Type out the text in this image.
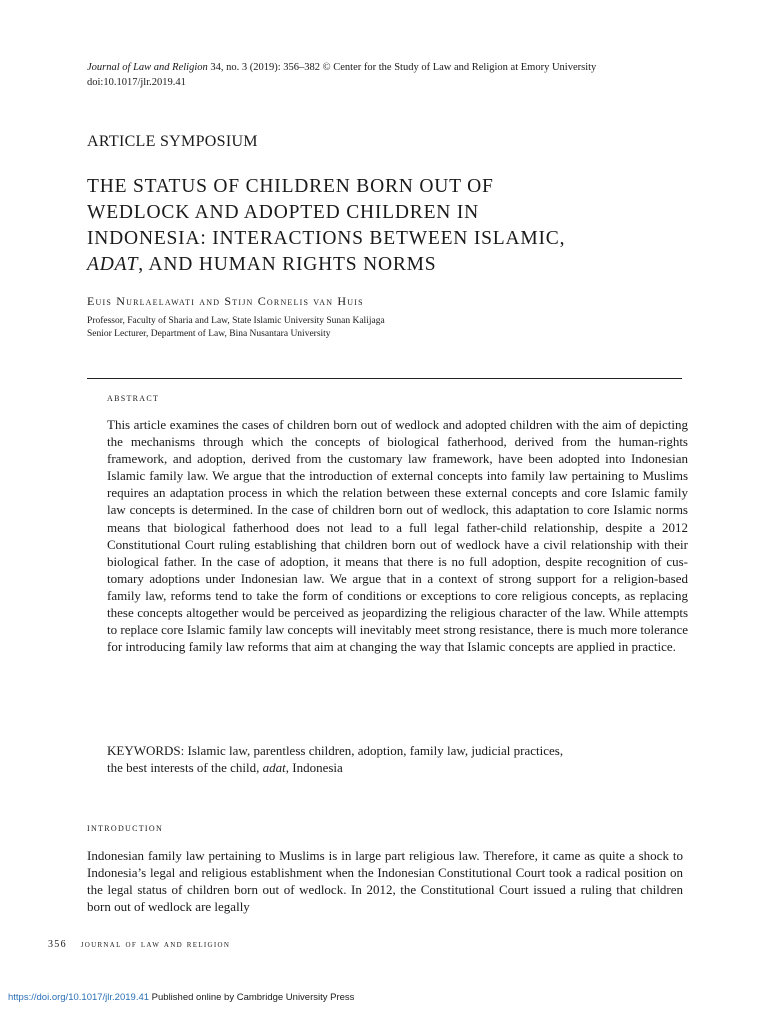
Journal of Law and Religion 34, no. 3 (2019): 356–382 © Center for the Study of Law and Religion at Emory University
doi:10.1017/jlr.2019.41
ARTICLE SYMPOSIUM
THE STATUS OF CHILDREN BORN OUT OF
WEDLOCK AND ADOPTED CHILDREN IN
INDONESIA: INTERACTIONS BETWEEN ISLAMIC,
ADAT, AND HUMAN RIGHTS NORMS
Euis Nurlaelawati and Stijn Cornelis van Huis
Professor, Faculty of Sharia and Law, State Islamic University Sunan Kalijaga
Senior Lecturer, Department of Law, Bina Nusantara University
abstract
This article examines the cases of children born out of wedlock and adopted children with the aim of depicting the mechanisms through which the concepts of biological fatherhood, derived from the human-rights framework, and adoption, derived from the customary law framework, have been adopted into Indonesian Islamic family law. We argue that the introduction of external concepts into family law pertaining to Muslims requires an adaptation process in which the relation between these external concepts and core Islamic family law concepts is determined. In the case of children born out of wedlock, this adaptation to core Islamic norms means that biological fatherhood does not lead to a full legal father-child relationship, despite a 2012 Constitutional Court ruling establishing that children born out of wedlock have a civil relationship with their biological father. In the case of adoption, it means that there is no full adoption, despite recognition of customary adoptions under Indonesian law. We argue that in a context of strong support for a religion-based family law, reforms tend to take the form of conditions or exceptions to core religious concepts, as replacing these concepts altogether would be perceived as jeopardizing the religious character of the law. While attempts to replace core Islamic family law concepts will inevitably meet strong resistance, there is much more tolerance for introducing family law reforms that aim at changing the way that Islamic concepts are applied in practice.
KEYWORDS: Islamic law, parentless children, adoption, family law, judicial practices,
the best interests of the child, adat, Indonesia
introduction
Indonesian family law pertaining to Muslims is in large part religious law. Therefore, it came as quite a shock to Indonesia’s legal and religious establishment when the Indonesian Constitutional Court took a radical position on the legal status of children born out of wedlock. In 2012, the Constitutional Court issued a ruling that children born out of wedlock are legally
356 journal of law and religion
https://doi.org/10.1017/jlr.2019.41 Published online by Cambridge University Press
